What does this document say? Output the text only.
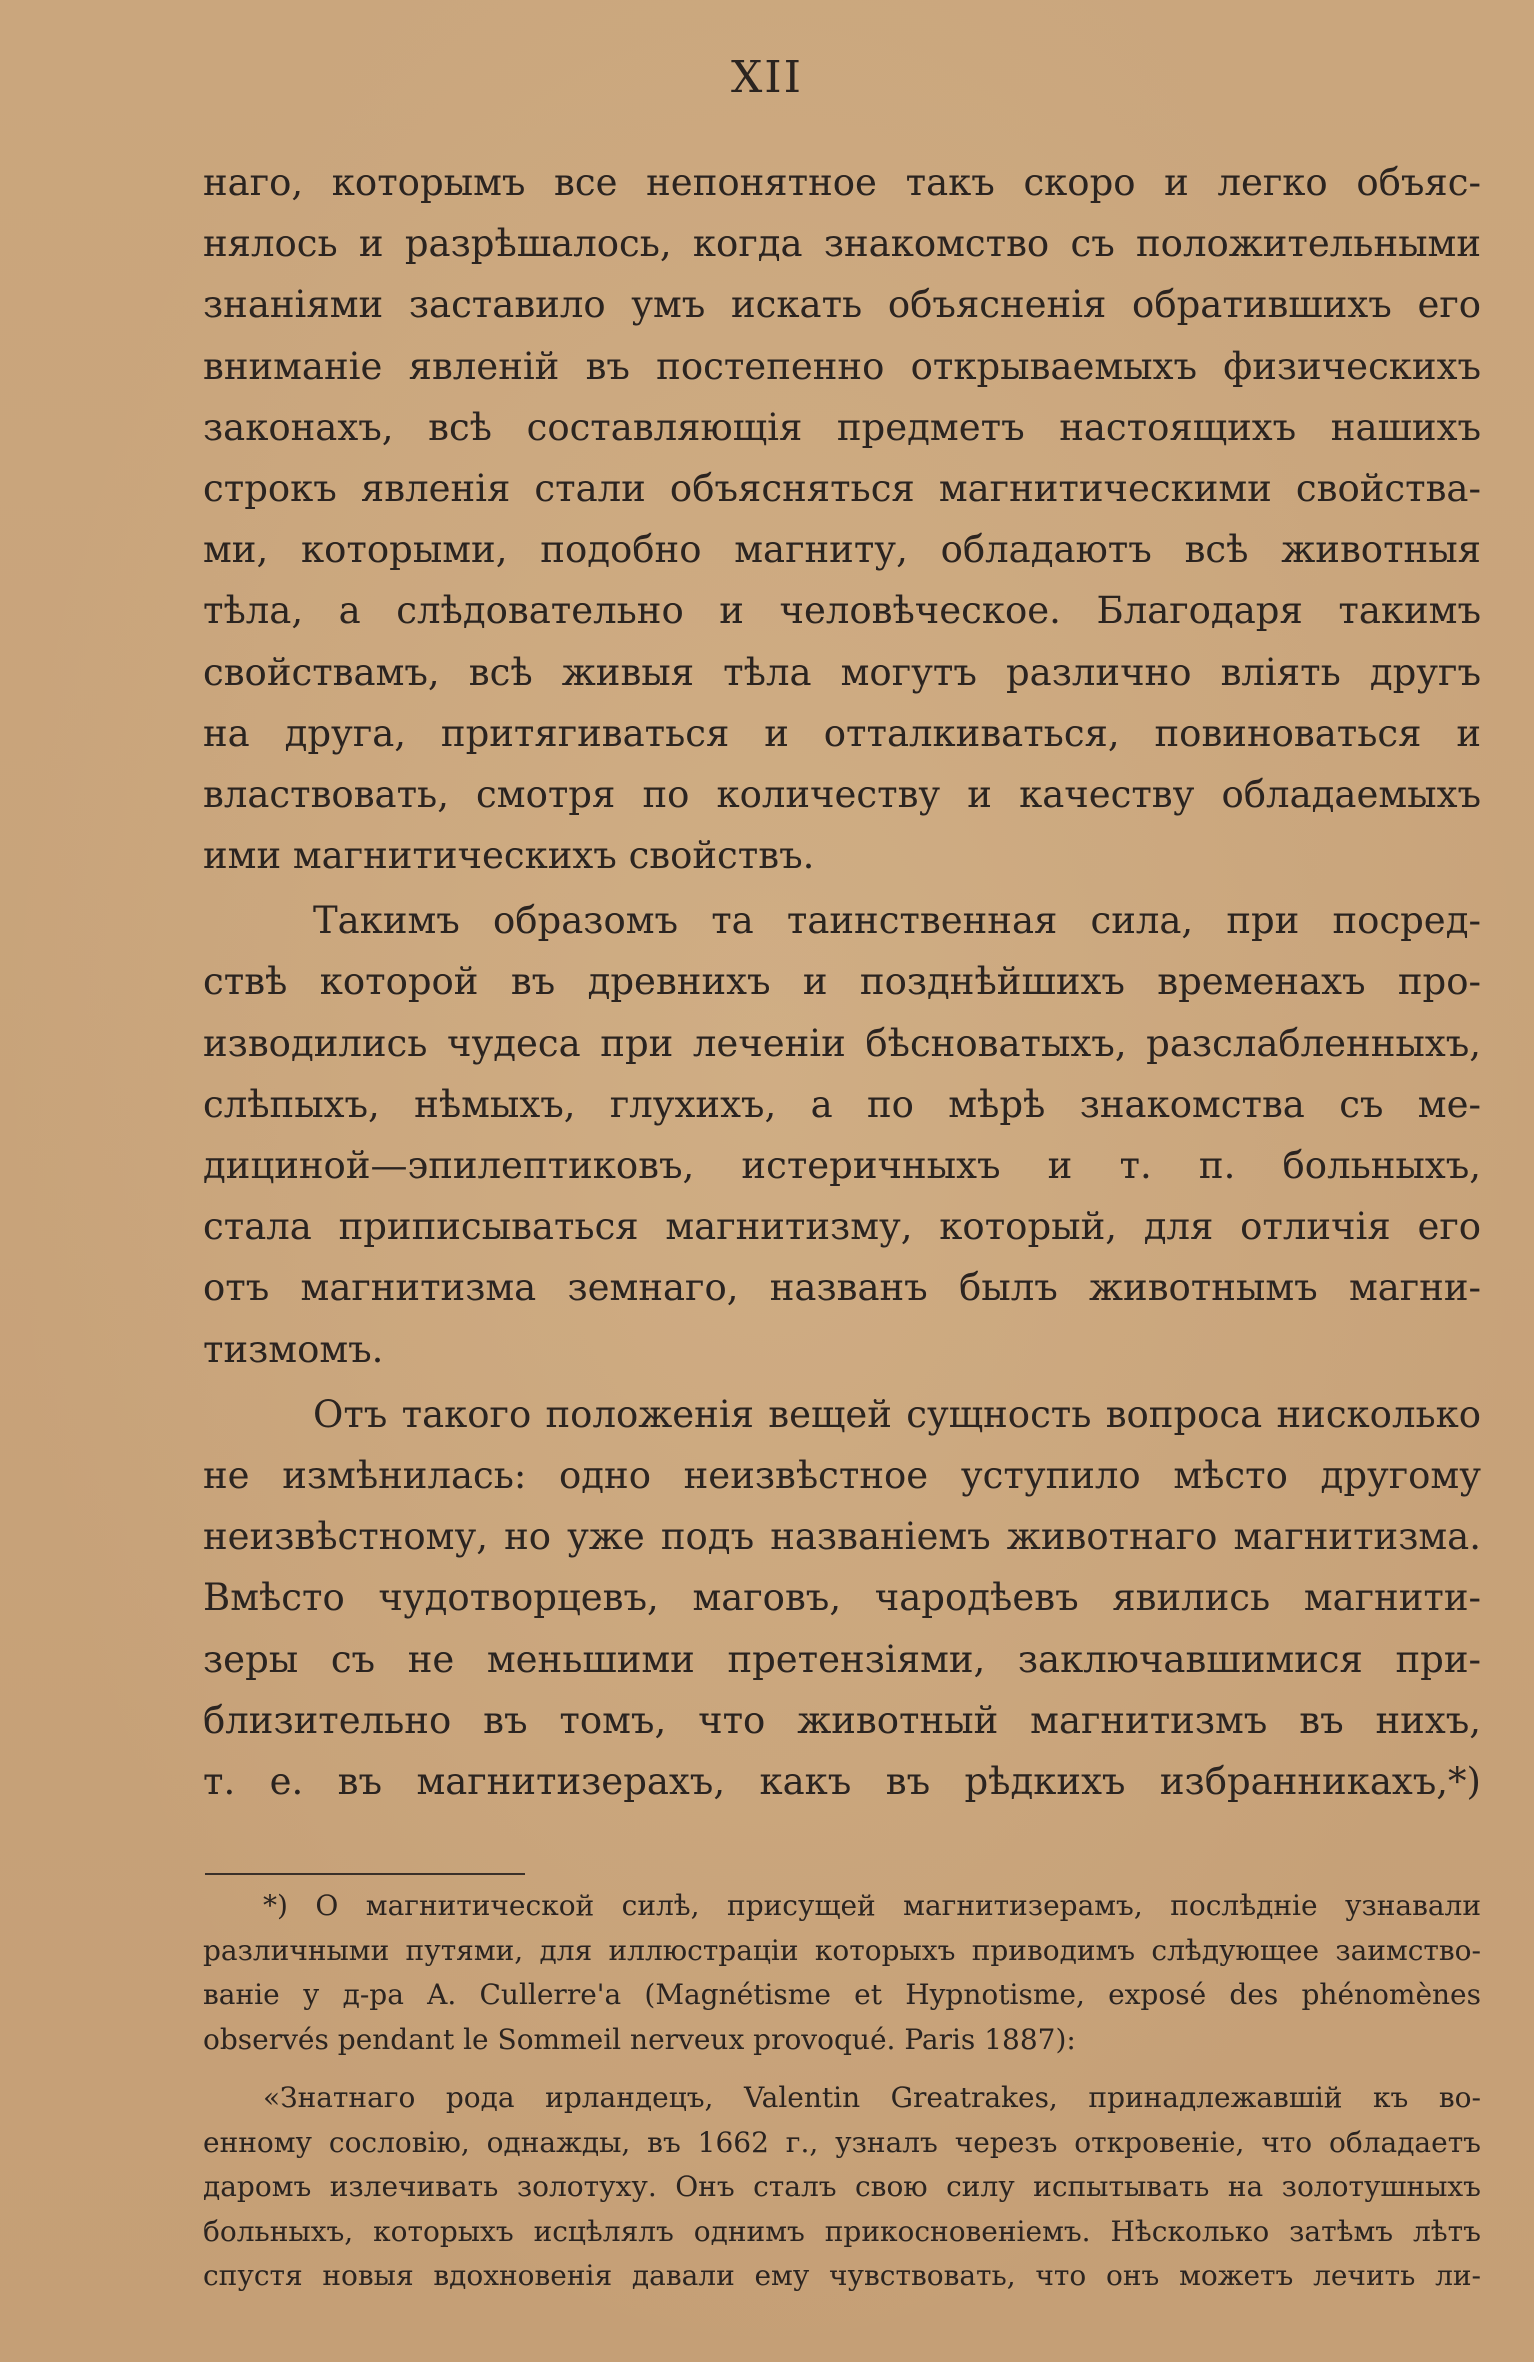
XII
наго, которымъ все непонятное такъ скоро и легко объяс-
нялось и разрѣшалось, когда знакомство съ положительными
знаніями заставило умъ искать объясненія обратившихъ его
вниманіе явленій въ постепенно открываемыхъ физическихъ
законахъ, всѣ составляющія предметъ настоящихъ нашихъ
строкъ явленія стали объясняться магнитическими свойства-
ми, которыми, подобно магниту, обладаютъ всѣ животныя
тѣла, а слѣдовательно и человѣческое. Благодаря такимъ
свойствамъ, всѣ живыя тѣла могутъ различно вліять другъ
на друга, притягиваться и отталкиваться, повиноваться и
властвовать, смотря по количеству и качеству обладаемыхъ
ими магнитическихъ свойствъ.
Такимъ образомъ та таинственная сила, при посред-
ствѣ которой въ древнихъ и позднѣйшихъ временахъ про-
изводились чудеса при леченіи бѣсноватыхъ, разслабленныхъ,
слѣпыхъ, нѣмыхъ, глухихъ, а по мѣрѣ знакомства съ ме-
дициной—эпилептиковъ, истеричныхъ и т. п. больныхъ,
стала приписываться магнитизму, который, для отличія его
отъ магнитизма земнаго, названъ былъ животнымъ магни-
тизмомъ.
Отъ такого положенія вещей сущность вопроса нисколько
не измѣнилась: одно неизвѣстное уступило мѣсто другому
неизвѣстному, но уже подъ названіемъ животнаго магнитизма.
Вмѣсто чудотворцевъ, маговъ, чародѣевъ явились магнити-
зеры съ не меньшими претензіями, заключавшимися при-
близительно въ томъ, что животный магнитизмъ въ нихъ,
т. е. въ магнитизерахъ, какъ въ рѣдкихъ избранникахъ,*)
*) О магнитической силѣ, присущей магнитизерамъ, послѣдніе узнавали
различными путями, для иллюстраціи которыхъ приводимъ слѣдующее заимство-
ваніе у д-ра A. Cullerre'a (Magnétisme et Hypnotisme, exposé des phénomènes
observés pendant le Sommeil nerveux provoqué. Paris 1887):
«Знатнаго рода ирландецъ, Valentin Greatrakes, принадлежавшій къ во-
енному сословію, однажды, въ 1662 г., узналъ черезъ откровеніе, что обладаетъ
даромъ излечивать золотуху. Онъ сталъ свою силу испытывать на золотушныхъ
больныхъ, которыхъ исцѣлялъ однимъ прикосновеніемъ. Нѣсколько затѣмъ лѣтъ
спустя новыя вдохновенія давали ему чувствовать, что онъ можетъ лечить ли-
